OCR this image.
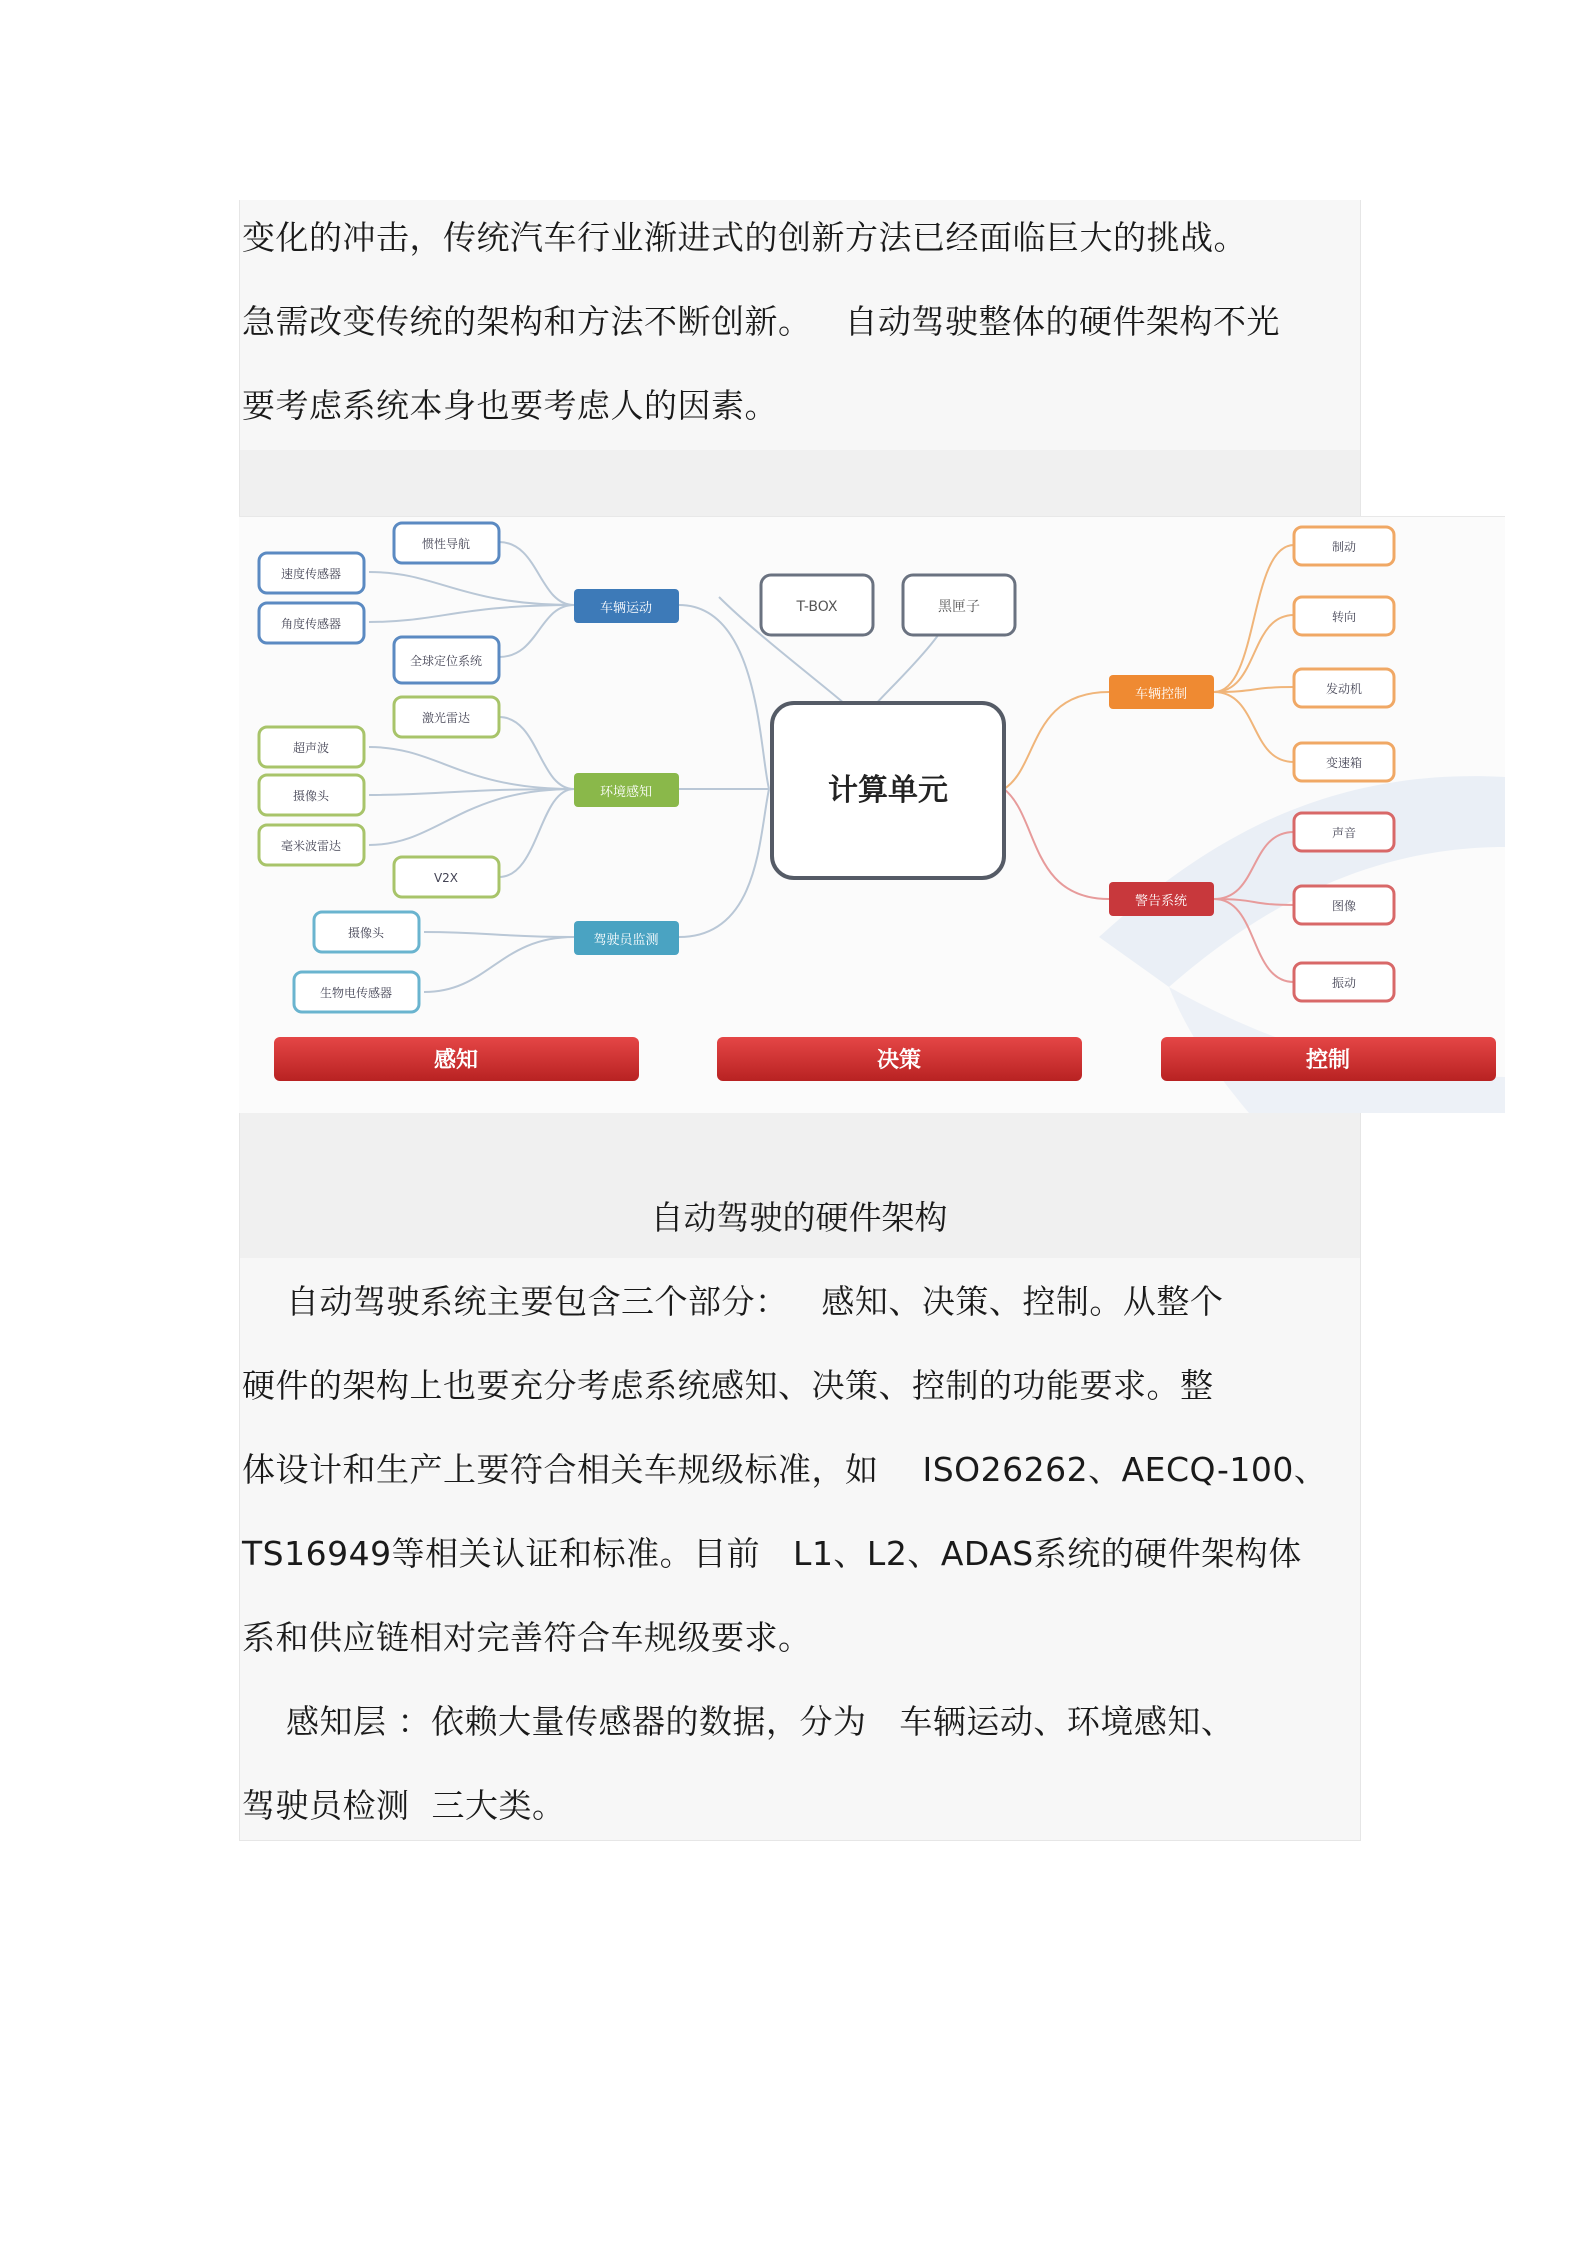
变化的冲击，传统汽车行业渐进式的创新方法已经面临巨大的挑战。
急需改变传统的架构和方法不断创新。   自动驾驶整体的硬件架构不光
要考虑系统本身也要考虑人的因素。
计算单元
T-BOX	黑匣子
车辆运动
环境感知
驾驶员监测
车辆控制
警告系统
惯性导航
速度传感器
角度传感器
全球定位系统
激光雷达
超声波
摄像头
毫米波雷达
V2X
摄像头
生物电传感器
制动
转向
发动机
变速箱
声音
图像
振动
感知	决策	控制
自动驾驶的硬件架构
自动驾驶系统主要包含三个部分：   感知、决策、控制。从整个
硬件的架构上也要充分考虑系统感知、决策、控制的功能要求。整
体设计和生产上要符合相关车规级标准，如    ISO26262、AECQ-100、
TS16949等相关认证和标准。目前   L1、L2、ADAS系统的硬件架构体
系和供应链相对完善符合车规级要求。
感知层 ：依赖大量传感器的数据，分为   车辆运动、环境感知、
驾驶员检测  三大类。
